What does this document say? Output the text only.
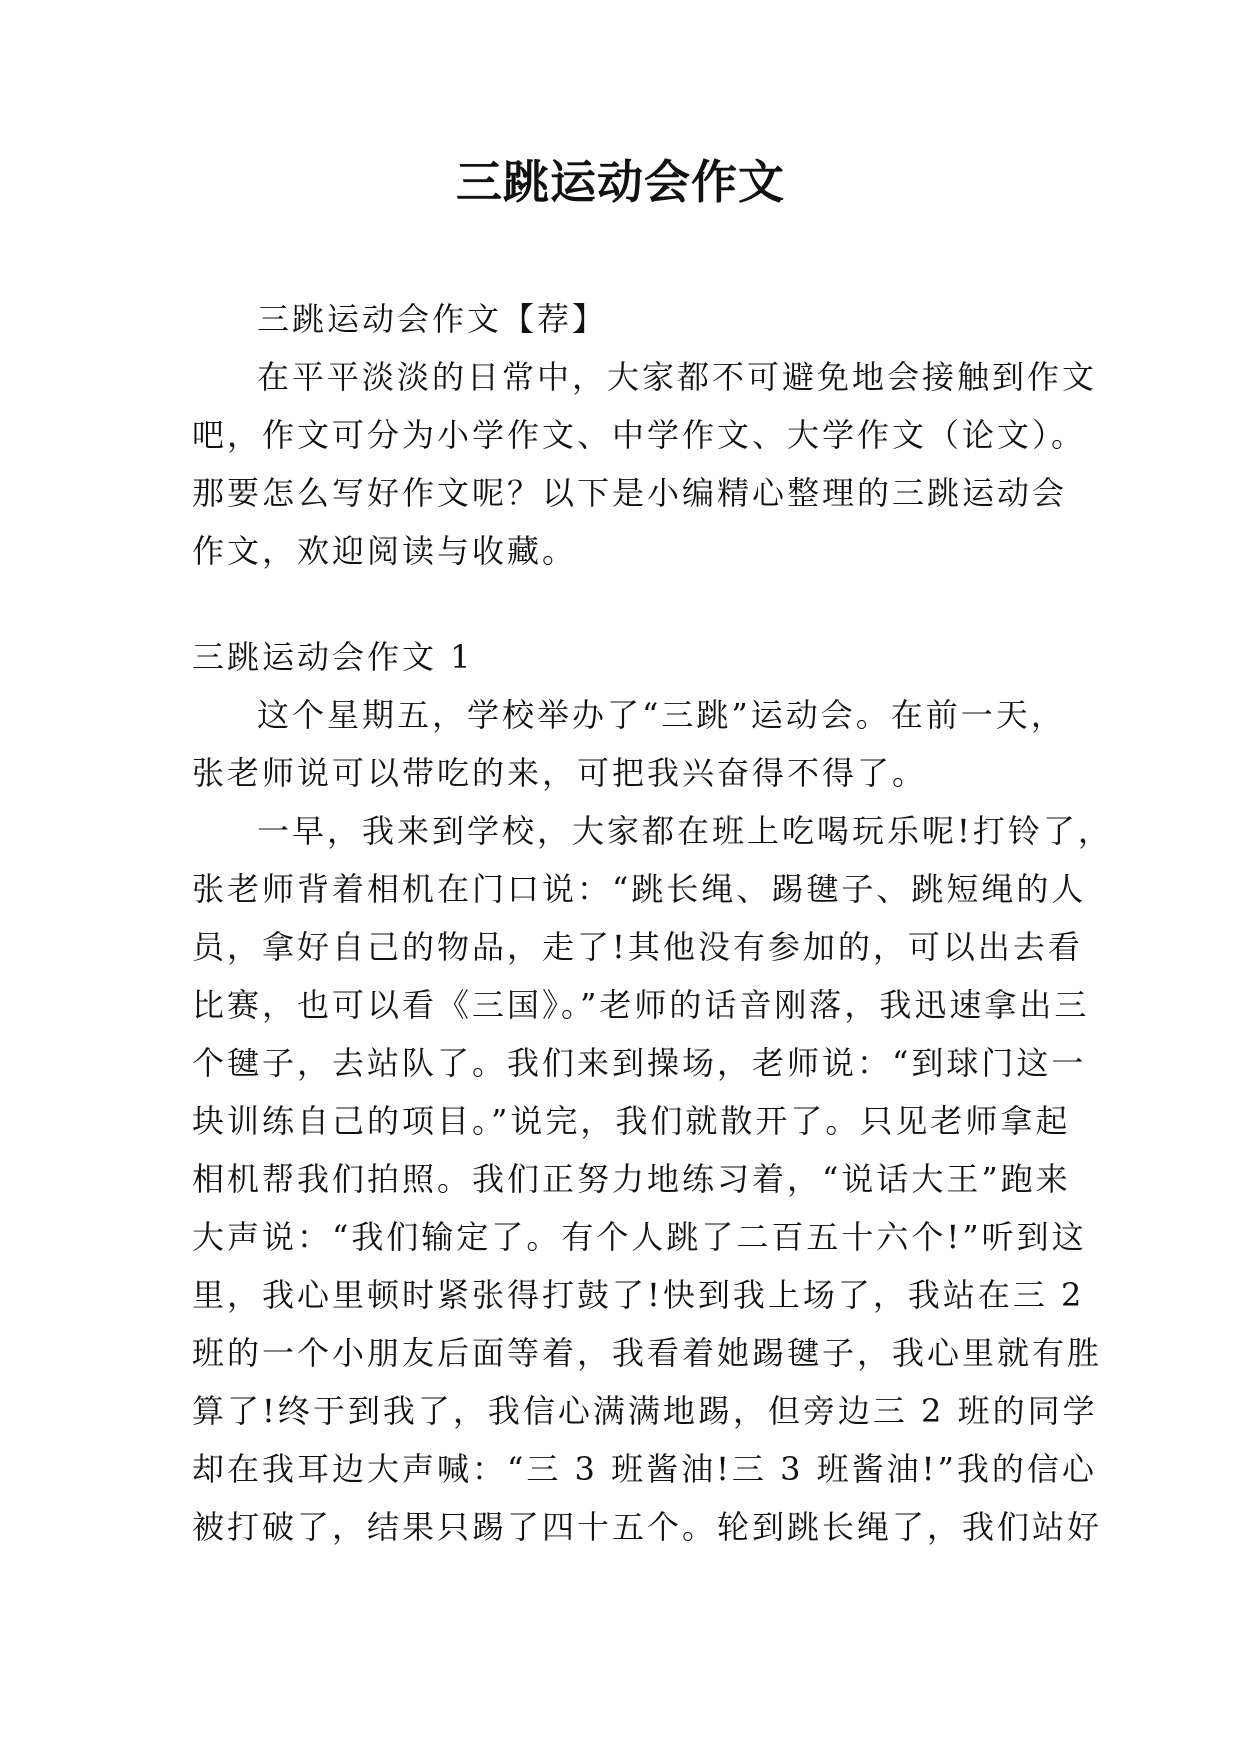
三跳运动会作文
三跳运动会作文【荐】
在平平淡淡的日常中，大家都不可避免地会接触到作文
吧，作文可分为小学作文、中学作文、大学作文（论文）。
那要怎么写好作文呢？以下是小编精心整理的三跳运动会
作文，欢迎阅读与收藏。
三跳运动会作文 1
这个星期五，学校举办了“三跳”运动会。在前一天，
张老师说可以带吃的来，可把我兴奋得不得了。
一早，我来到学校，大家都在班上吃喝玩乐呢!打铃了，
张老师背着相机在门口说：“跳长绳、踢毽子、跳短绳的人
员，拿好自己的物品，走了!其他没有参加的，可以出去看
比赛，也可以看《三国》。”老师的话音刚落，我迅速拿出三
个毽子，去站队了。我们来到操场，老师说：“到球门这一
块训练自己的项目。”说完，我们就散开了。只见老师拿起
相机帮我们拍照。我们正努力地练习着，“说话大王”跑来
大声说：“我们输定了。有个人跳了二百五十六个!”听到这
里，我心里顿时紧张得打鼓了!快到我上场了，我站在三 2
班的一个小朋友后面等着，我看着她踢毽子，我心里就有胜
算了!终于到我了，我信心满满地踢，但旁边三 2 班的同学
却在我耳边大声喊：“三 3 班酱油!三 3 班酱油!”我的信心
被打破了，结果只踢了四十五个。轮到跳长绳了，我们站好
